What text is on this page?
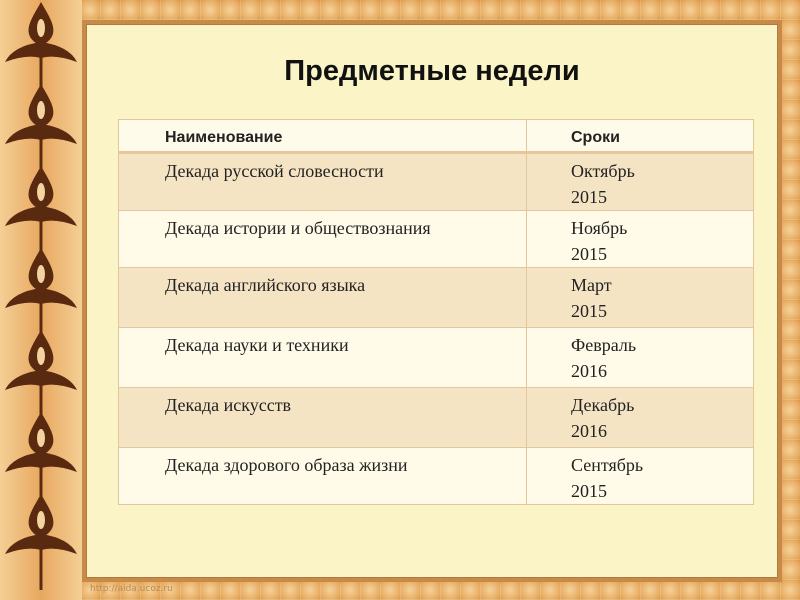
Предметные недели
Наименование	Сроки
Декада русской словесности	Октябрь
2015
Декада истории и обществознания	Ноябрь
2015
Декада английского языка	Март
2015
Декада науки и техники	Февраль
2016
Декада искусств	Декабрь
2016
Декада здорового образа жизни	Сентябрь
2015
http://aida.ucoz.ru
